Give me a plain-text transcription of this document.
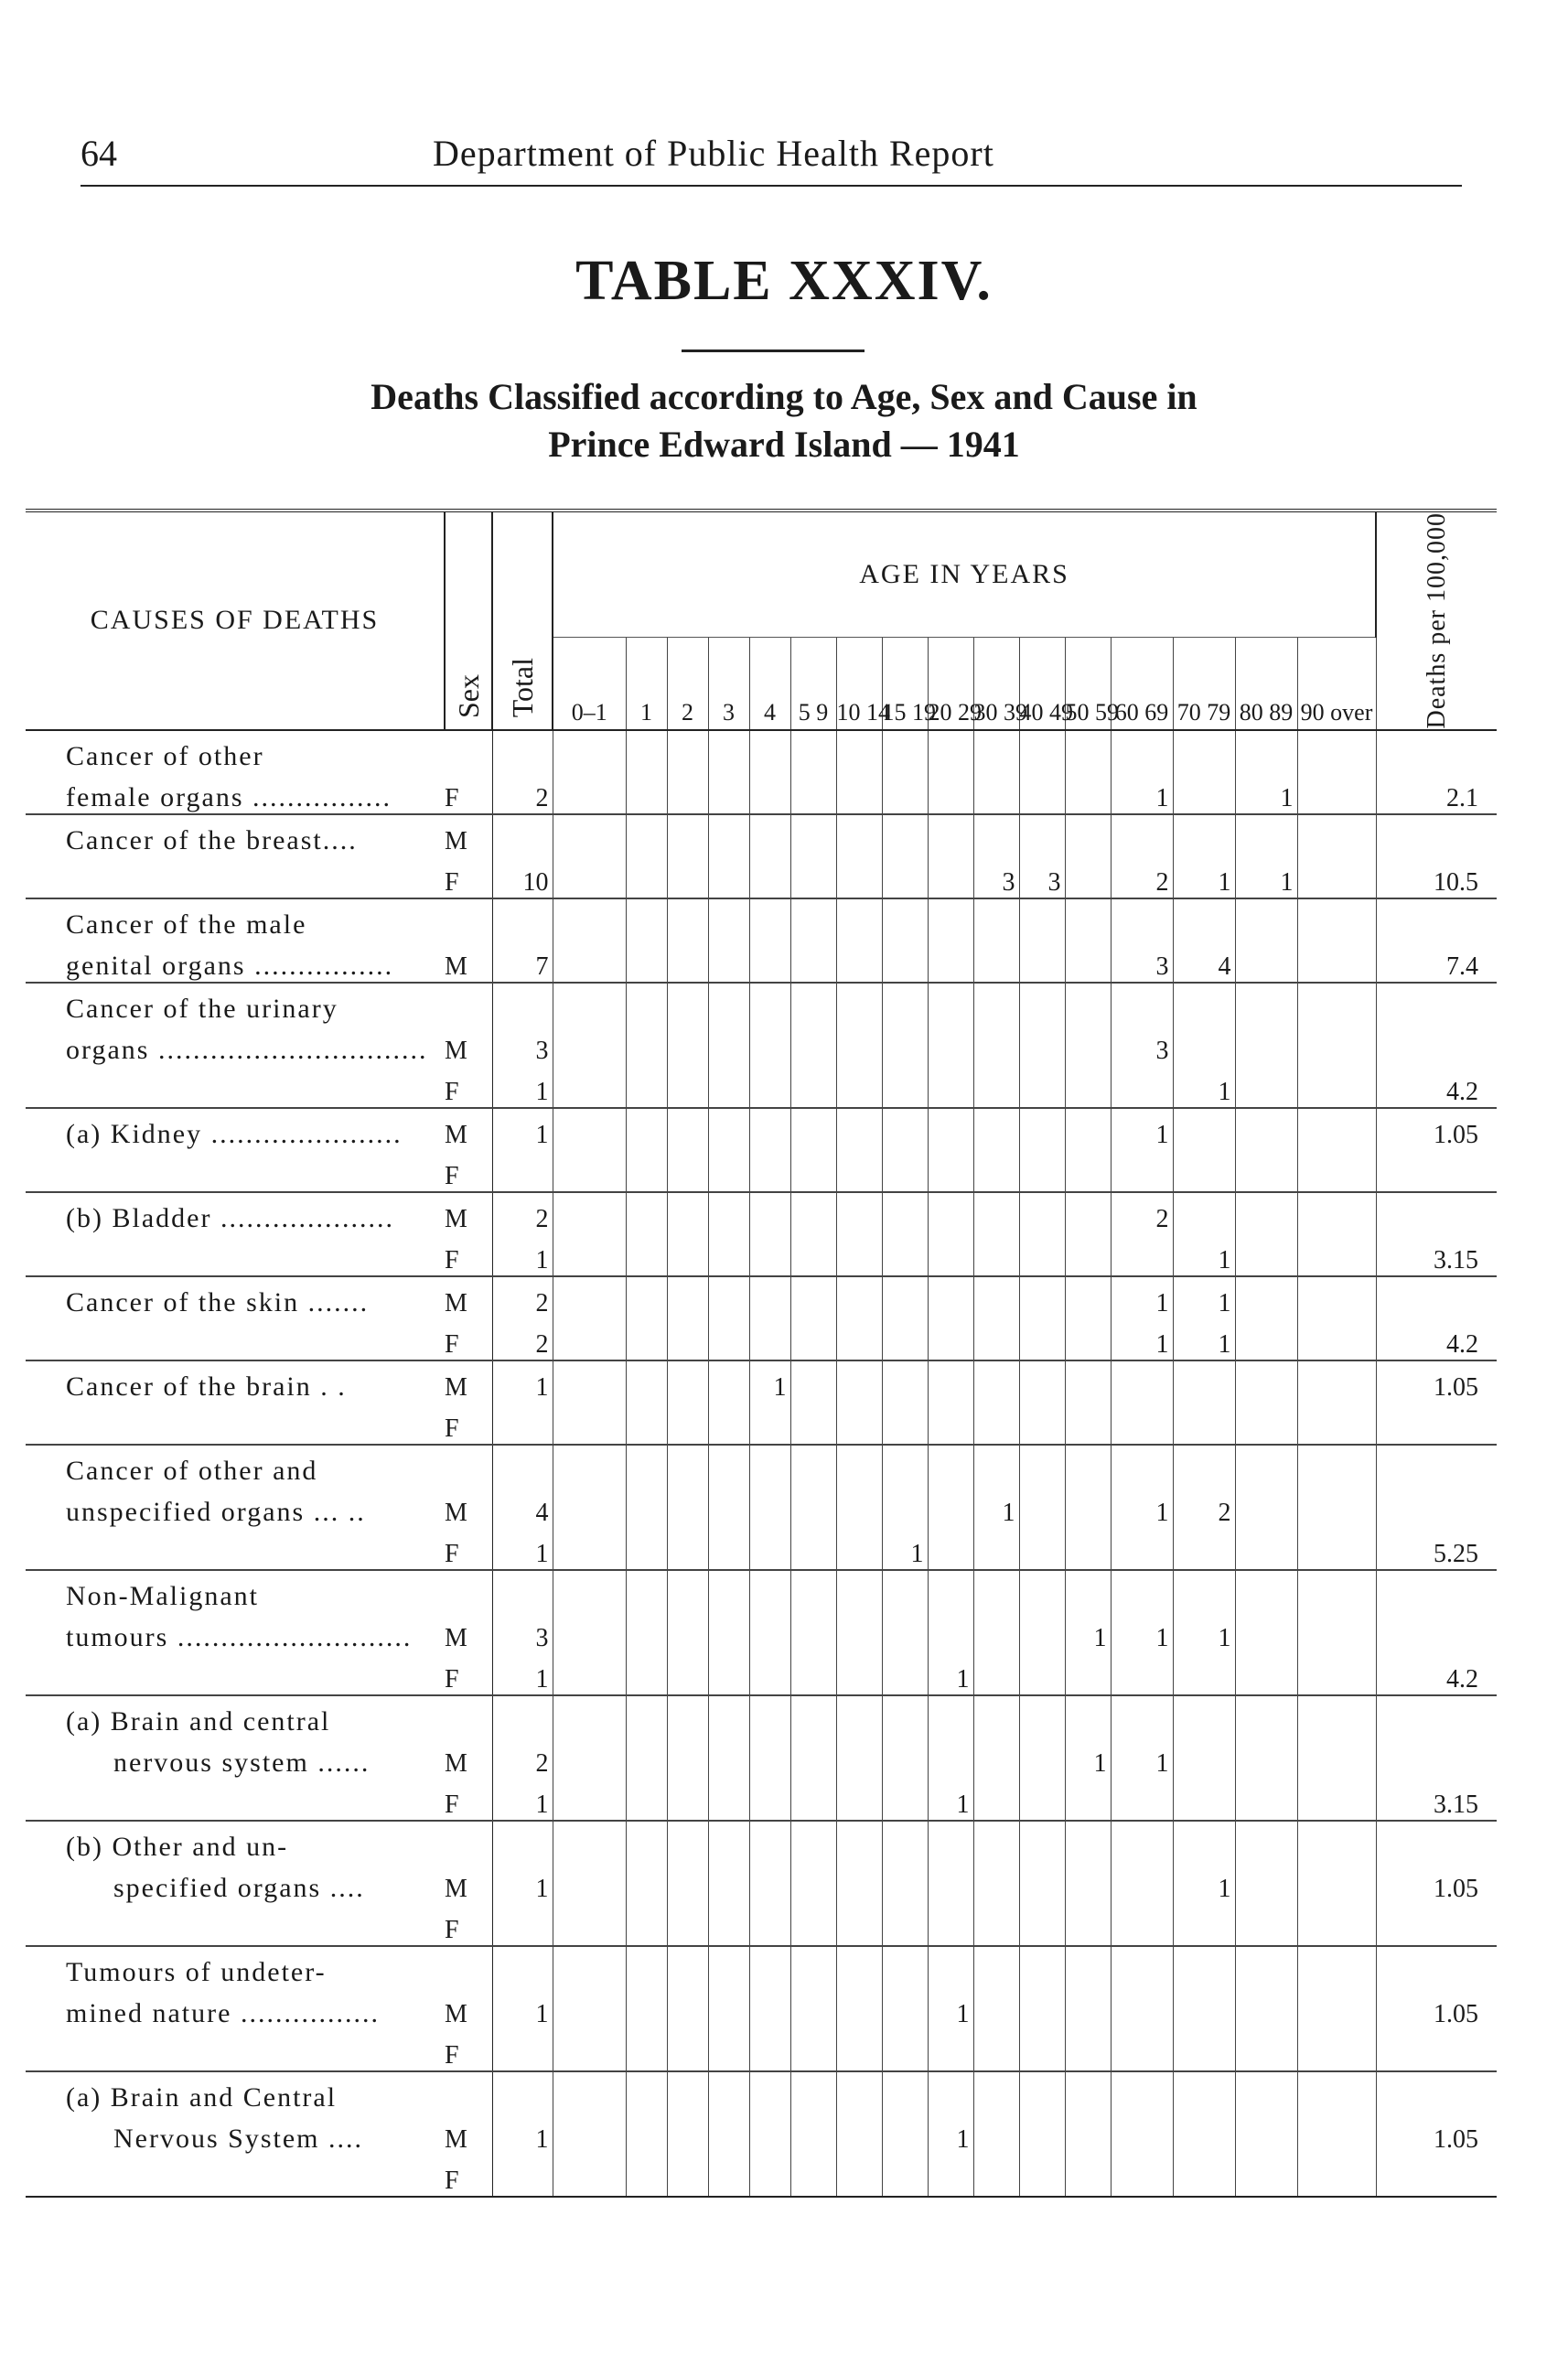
64	Department of Public Health Report
TABLE XXXIV.
Deaths Classified according to Age, Sex and Cause in
Prince Edward Island — 1941
CAUSES OF DEATHS	Sex	Total	AGE IN YEARS																Deaths per 100,000

			0–1	1	2	3	4	5 9	10 14	15 19	20 29	30 39	40 49	50 59	60 69	70 79	80 89	90 over	
Cancer of other																			
female organs ................	F	2													1		1		2.1
Cancer of the breast....	M																		
	F	10										3	3		2	1	1		10.5
Cancer of the male																			
genital organs ................	M	7													3	4			7.4
Cancer of the urinary																			
organs ...............................	M	3													3				
	F	1														1			4.2
(a) Kidney ......................	M	1													1				1.05
	F																		
(b) Bladder ....................	M	2													2				
	F	1														1			3.15
Cancer of the skin .......	M	2													1	1			
	F	2													1	1			4.2
Cancer of the brain . .	M	1					1												1.05
	F																		
Cancer of other and																			
unspecified organs ... ..	M	4										1			1	2			
	F	1								1									5.25
Non-Malignant																			
tumours ...........................	M	3												1	1	1			
	F	1									1								4.2
(a) Brain and central																			
nervous system ......	M	2												1	1				
	F	1									1								3.15
(b) Other and un-																			
specified organs ....	M	1														1			1.05
	F																		
Tumours of undeter-																			
mined nature ................	M	1									1								1.05
	F																		
(a) Brain and Central																			
Nervous System ....	M	1									1								1.05
	F																		
